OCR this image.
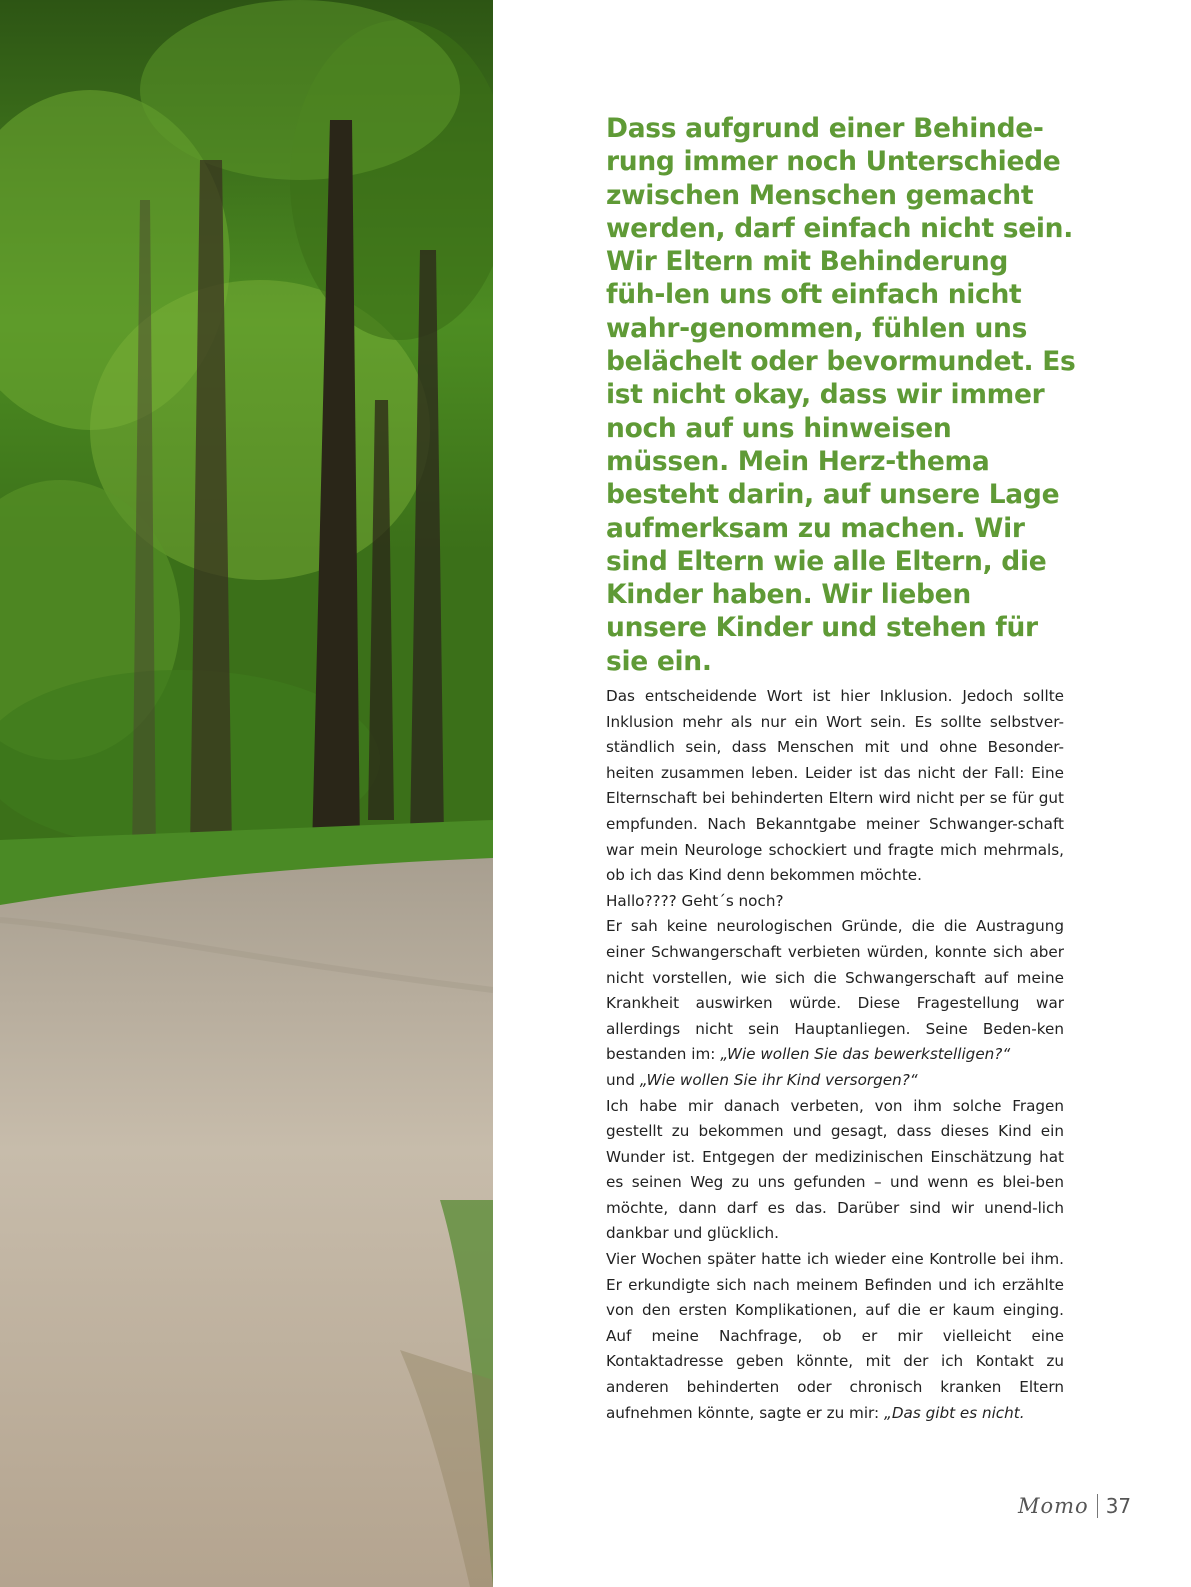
Dass aufgrund einer Behinde-rung immer noch Unterschiede zwischen Menschen gemacht werden, darf einfach nicht sein. Wir Eltern mit Behinderung füh-len uns oft einfach nicht wahr-genommen, fühlen uns belächelt oder bevormundet. Es ist nicht okay, dass wir immer noch auf uns hinweisen müssen. Mein Herz-thema besteht darin, auf unsere Lage aufmerksam zu machen. Wir sind Eltern wie alle Eltern, die Kinder haben. Wir lieben unsere Kinder und stehen für sie ein.

Das entscheidende Wort ist hier Inklusion. Jedoch sollte Inklusion mehr als nur ein Wort sein. Es sollte selbstver-ständlich sein, dass Menschen mit und ohne Besonder-heiten zusammen leben. Leider ist das nicht der Fall: Eine Elternschaft bei behinderten Eltern wird nicht per se für gut empfunden. Nach Bekanntgabe meiner Schwanger-schaft war mein Neurologe schockiert und fragte mich mehrmals, ob ich das Kind denn bekommen möchte.
Hallo???? Geht´s noch?
Er sah keine neurologischen Gründe, die die Austragung einer Schwangerschaft verbieten würden, konnte sich aber nicht vorstellen, wie sich die Schwangerschaft auf meine Krankheit auswirken würde. Diese Fragestellung war allerdings nicht sein Hauptanliegen. Seine Beden-ken bestanden im: „Wie wollen Sie das bewerkstelligen?“
und „Wie wollen Sie ihr Kind versorgen?“
Ich habe mir danach verbeten, von ihm solche Fragen gestellt zu bekommen und gesagt, dass dieses Kind ein Wunder ist. Entgegen der medizinischen Einschätzung hat es seinen Weg zu uns gefunden – und wenn es blei-ben möchte, dann darf es das. Darüber sind wir unend-lich dankbar und glücklich.
Vier Wochen später hatte ich wieder eine Kontrolle bei ihm. Er erkundigte sich nach meinem Befinden und ich erzählte von den ersten Komplikationen, auf die er kaum einging. Auf meine Nachfrage, ob er mir vielleicht eine Kontaktadresse geben könnte, mit der ich Kontakt zu anderen behinderten oder chronisch kranken Eltern aufnehmen könnte, sagte er zu mir: „Das gibt es nicht.
Momo 37
